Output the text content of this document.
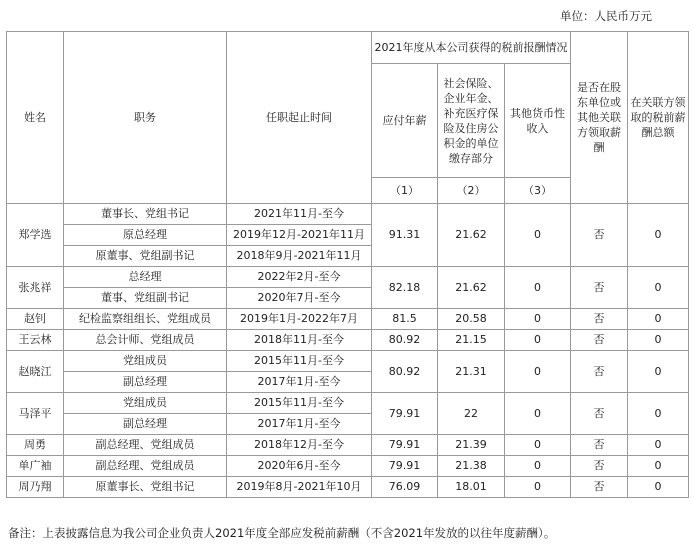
单位：人民币万元
姓名	职务	任职起止时间	2021年度从本公司获得的税前报酬情况			是否在股东单位或其他关联方领取薪酬	在关联方领取的税前薪酬总额
			应付年薪	社会保险、企业年金、补充医疗保险及住房公积金的单位缴存部分	其他货币性收入		
			（1）	（2）	（3）		
郑学选	董事长、党组书记	2021年11月-至今	91.31	21.62	0	否	0
	原总经理	2019年12月-2021年11月					
	原董事、党组副书记	2018年9月-2021年11月					
张兆祥	总经理	2022年2月-至今	82.18	21.62	0	否	0
	董事、党组副书记	2020年7月-至今					
赵钊	纪检监察组组长、党组成员	2019年1月-2022年7月	81.5	20.58	0	否	0
王云林	总会计师、党组成员	2018年11月-至今	80.92	21.15	0	否	0
赵晓江	党组成员	2015年11月-至今	80.92	21.31	0	否	0
	副总经理	2017年1月-至今					
马泽平	党组成员	2015年11月-至今	79.91	22	0	否	0
	副总经理	2017年1月-至今					
周勇	副总经理、党组成员	2018年12月-至今	79.91	21.39	0	否	0
单广袖	副总经理、党组成员	2020年6月-至今	79.91	21.38	0	否	0
周乃翔	原董事长、党组书记	2019年8月-2021年10月	76.09	18.01	0	否	0
备注：上表披露信息为我公司企业负责人2021年度全部应发税前薪酬（不含2021年发放的以往年度薪酬）。
